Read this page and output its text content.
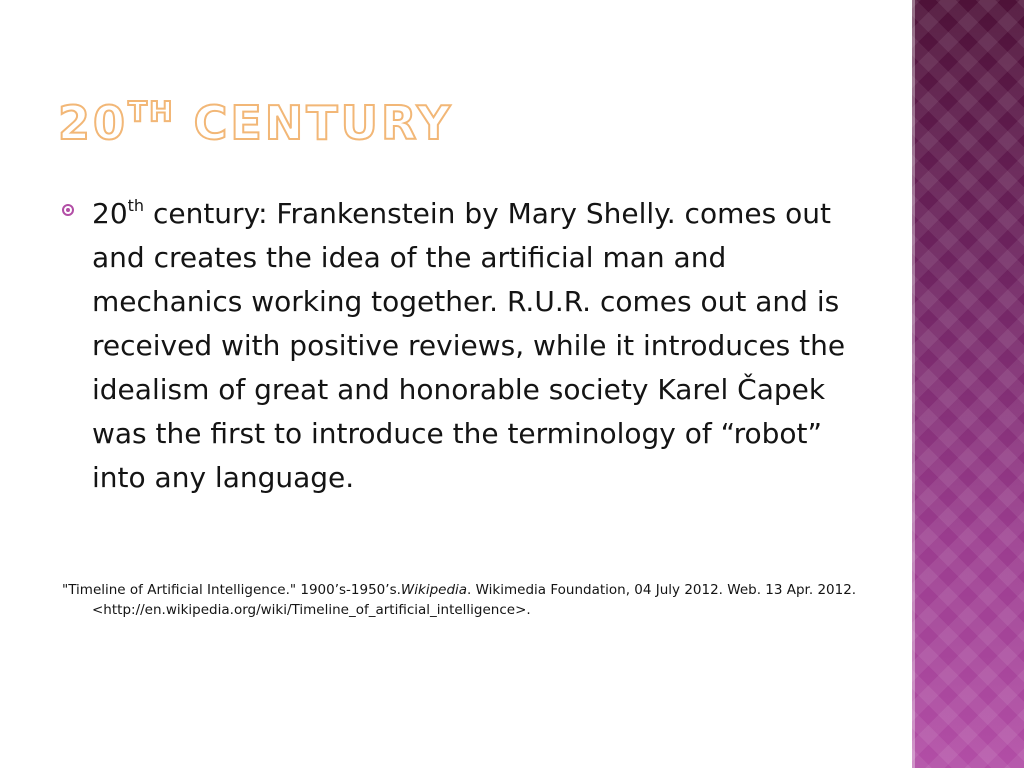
20TH CENTURY

20th century: Frankenstein by Mary Shelly. comes out and creates the idea of the artificial man and mechanics working together. R.U.R. comes out and is received with positive reviews, while it introduces the idealism of great and honorable society Karel Čapek was the first to introduce the terminology of “robot” into any language.

"Timeline of Artificial Intelligence." 1900’s-1950’s.Wikipedia. Wikimedia Foundation, 04 July 2012. Web. 13 Apr. 2012. <http://en.wikipedia.org/wiki/Timeline_of_artificial_intelligence>.
